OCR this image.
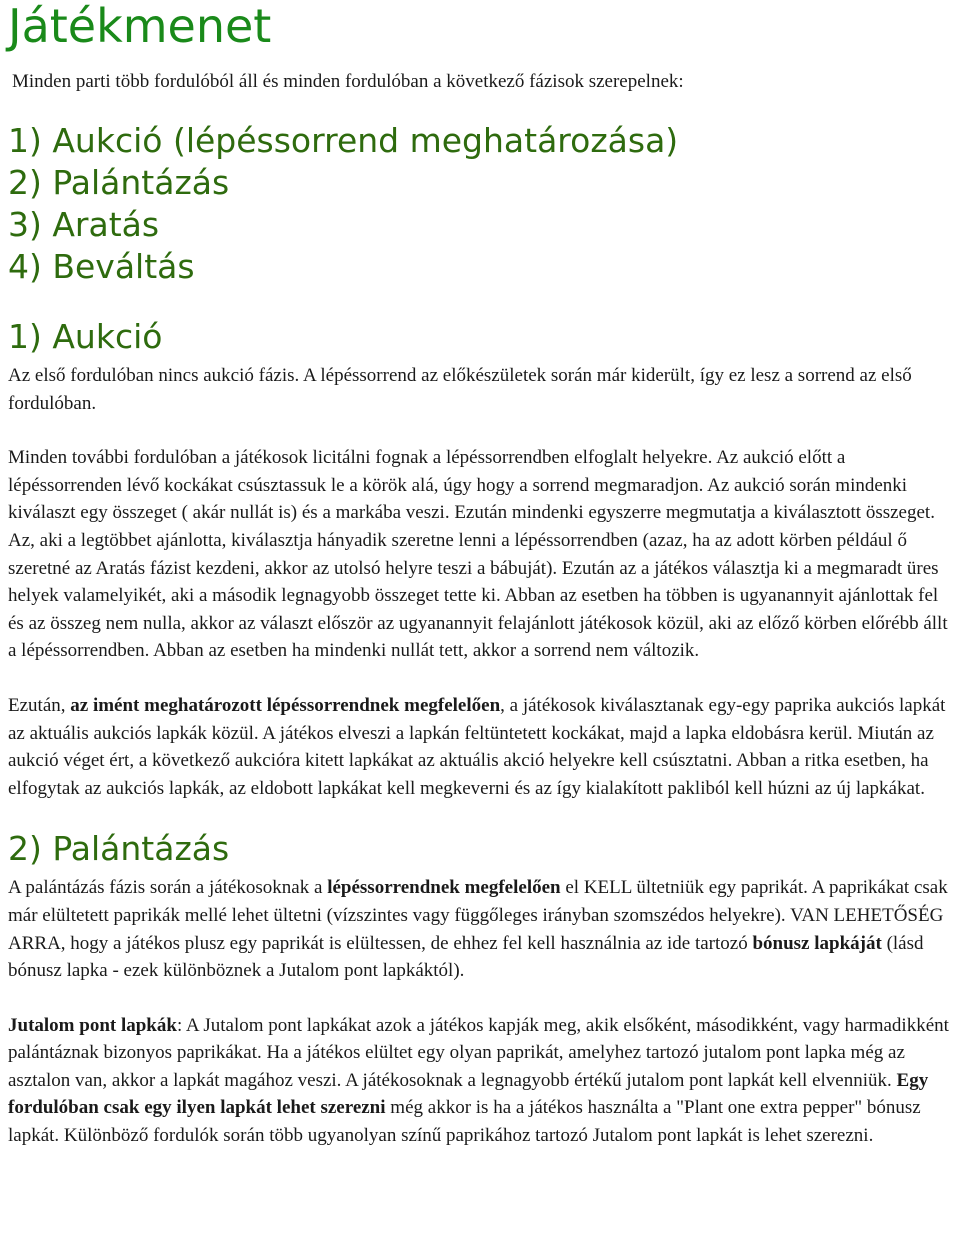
Játékmenet

Minden parti több fordulóból áll és minden fordulóban a következő fázisok szerepelnek:

1) Aukció (lépéssorrend meghatározása)
2) Palántázás
3) Aratás
4) Beváltás
1) Aukció

Az első fordulóban nincs aukció fázis. A lépéssorrend az előkészületek során már kiderült, így ez lesz a sorrend az első fordulóban.

Minden további fordulóban a játékosok licitálni fognak a lépéssorrendben elfoglalt helyekre. Az aukció előtt a lépéssorrenden lévő kockákat csúsztassuk le a körök alá, úgy hogy a sorrend megmaradjon. Az aukció során mindenki kiválaszt egy összeget ( akár nullát is) és a markába veszi. Ezután mindenki egyszerre megmutatja a kiválasztott összeget. Az, aki a legtöbbet ajánlotta, kiválasztja hányadik szeretne lenni a lépéssorrendben (azaz, ha az adott körben például ő szeretné az Aratás fázist kezdeni, akkor az utolsó helyre teszi a bábuját). Ezután az a játékos választja ki a megmaradt üres helyek valamelyikét, aki a második legnagyobb összeget tette ki. Abban az esetben ha többen is ugyanannyit ajánlottak fel és az összeg nem nulla, akkor az választ először az ugyanannyit felajánlott játékosok közül, aki az előző körben előrébb állt a lépéssorrendben. Abban az esetben ha mindenki nullát tett, akkor a sorrend nem változik.

Ezután, az imént meghatározott lépéssorrendnek megfelelően, a játékosok kiválasztanak egy-egy paprika aukciós lapkát az aktuális aukciós lapkák közül. A játékos elveszi a lapkán feltüntetett kockákat, majd a lapka eldobásra kerül. Miután az aukció véget ért, a következő aukcióra kitett lapkákat az aktuális akció helyekre kell csúsztatni. Abban a ritka esetben, ha elfogytak az aukciós lapkák, az eldobott lapkákat kell megkeverni és az így kialakított pakliból kell húzni az új lapkákat.

2) Palántázás

A palántázás fázis során a játékosoknak a lépéssorrendnek megfelelően el KELL ültetniük egy paprikát. A paprikákat csak már elültetett paprikák mellé lehet ültetni (vízszintes vagy függőleges irányban szomszédos helyekre). VAN LEHETŐSÉG ARRA, hogy a játékos plusz egy paprikát is elültessen, de ehhez fel kell használnia az ide tartozó bónusz lapkáját (lásd bónusz lapka - ezek különböznek a Jutalom pont lapkáktól).

Jutalom pont lapkák: A Jutalom pont lapkákat azok a játékos kapják meg, akik elsőként, másodikként, vagy harmadikként palántáznak bizonyos paprikákat. Ha a játékos elültet egy olyan paprikát, amelyhez tartozó jutalom pont lapka még az asztalon van, akkor a lapkát magához veszi. A játékosoknak a legnagyobb értékű jutalom pont lapkát kell elvenniük. Egy fordulóban csak egy ilyen lapkát lehet szerezni még akkor is ha a játékos használta a "Plant one extra pepper" bónusz lapkát. Különböző fordulók során több ugyanolyan színű paprikához tartozó Jutalom pont lapkát is lehet szerezni.
